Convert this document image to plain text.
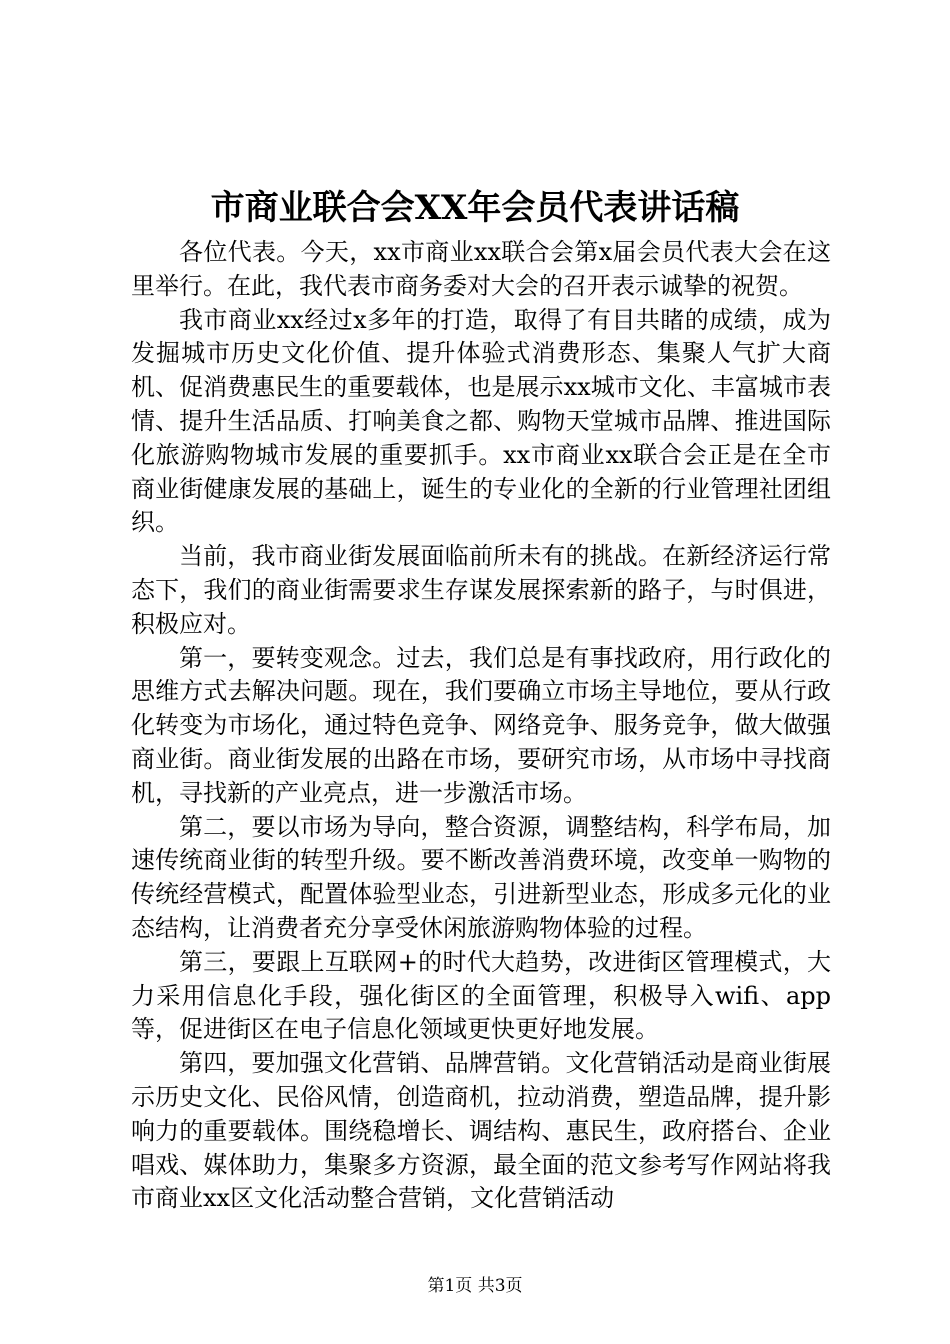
市商业联合会XX年会员代表讲话稿

各位代表。今天，xx市商业xx联合会第x届会员代表大会在这里举行。在此，我代表市商务委对大会的召开表示诚挚的祝贺。

我市商业xx经过x多年的打造，取得了有目共睹的成绩，成为发掘城市历史文化价值、提升体验式消费形态、集聚人气扩大商机、促消费惠民生的重要载体，也是展示xx城市文化、丰富城市表情、提升生活品质、打响美食之都、购物天堂城市品牌、推进国际化旅游购物城市发展的重要抓手。xx市商业xx联合会正是在全市商业街健康发展的基础上，诞生的专业化的全新的行业管理社团组织。

当前，我市商业街发展面临前所未有的挑战。在新经济运行常态下，我们的商业街需要求生存谋发展探索新的路子，与时俱进，积极应对。

第一，要转变观念。过去，我们总是有事找政府，用行政化的思维方式去解决问题。现在，我们要确立市场主导地位，要从行政化转变为市场化，通过特色竞争、网络竞争、服务竞争，做大做强商业街。商业街发展的出路在市场，要研究市场，从市场中寻找商机，寻找新的产业亮点，进一步激活市场。

第二，要以市场为导向，整合资源，调整结构，科学布局，加速传统商业街的转型升级。要不断改善消费环境，改变单一购物的传统经营模式，配置体验型业态，引进新型业态，形成多元化的业态结构，让消费者充分享受休闲旅游购物体验的过程。

第三，要跟上互联网+的时代大趋势，改进街区管理模式，大力采用信息化手段，强化街区的全面管理，积极导入wifi、app等，促进街区在电子信息化领域更快更好地发展。

第四，要加强文化营销、品牌营销。文化营销活动是商业街展示历史文化、民俗风情，创造商机，拉动消费，塑造品牌，提升影响力的重要载体。围绕稳增长、调结构、惠民生，政府搭台、企业唱戏、媒体助力，集聚多方资源，最全面的范文参考写作网站将我市商业xx区文化活动整合营销，文化营销活动

第1页 共3页
